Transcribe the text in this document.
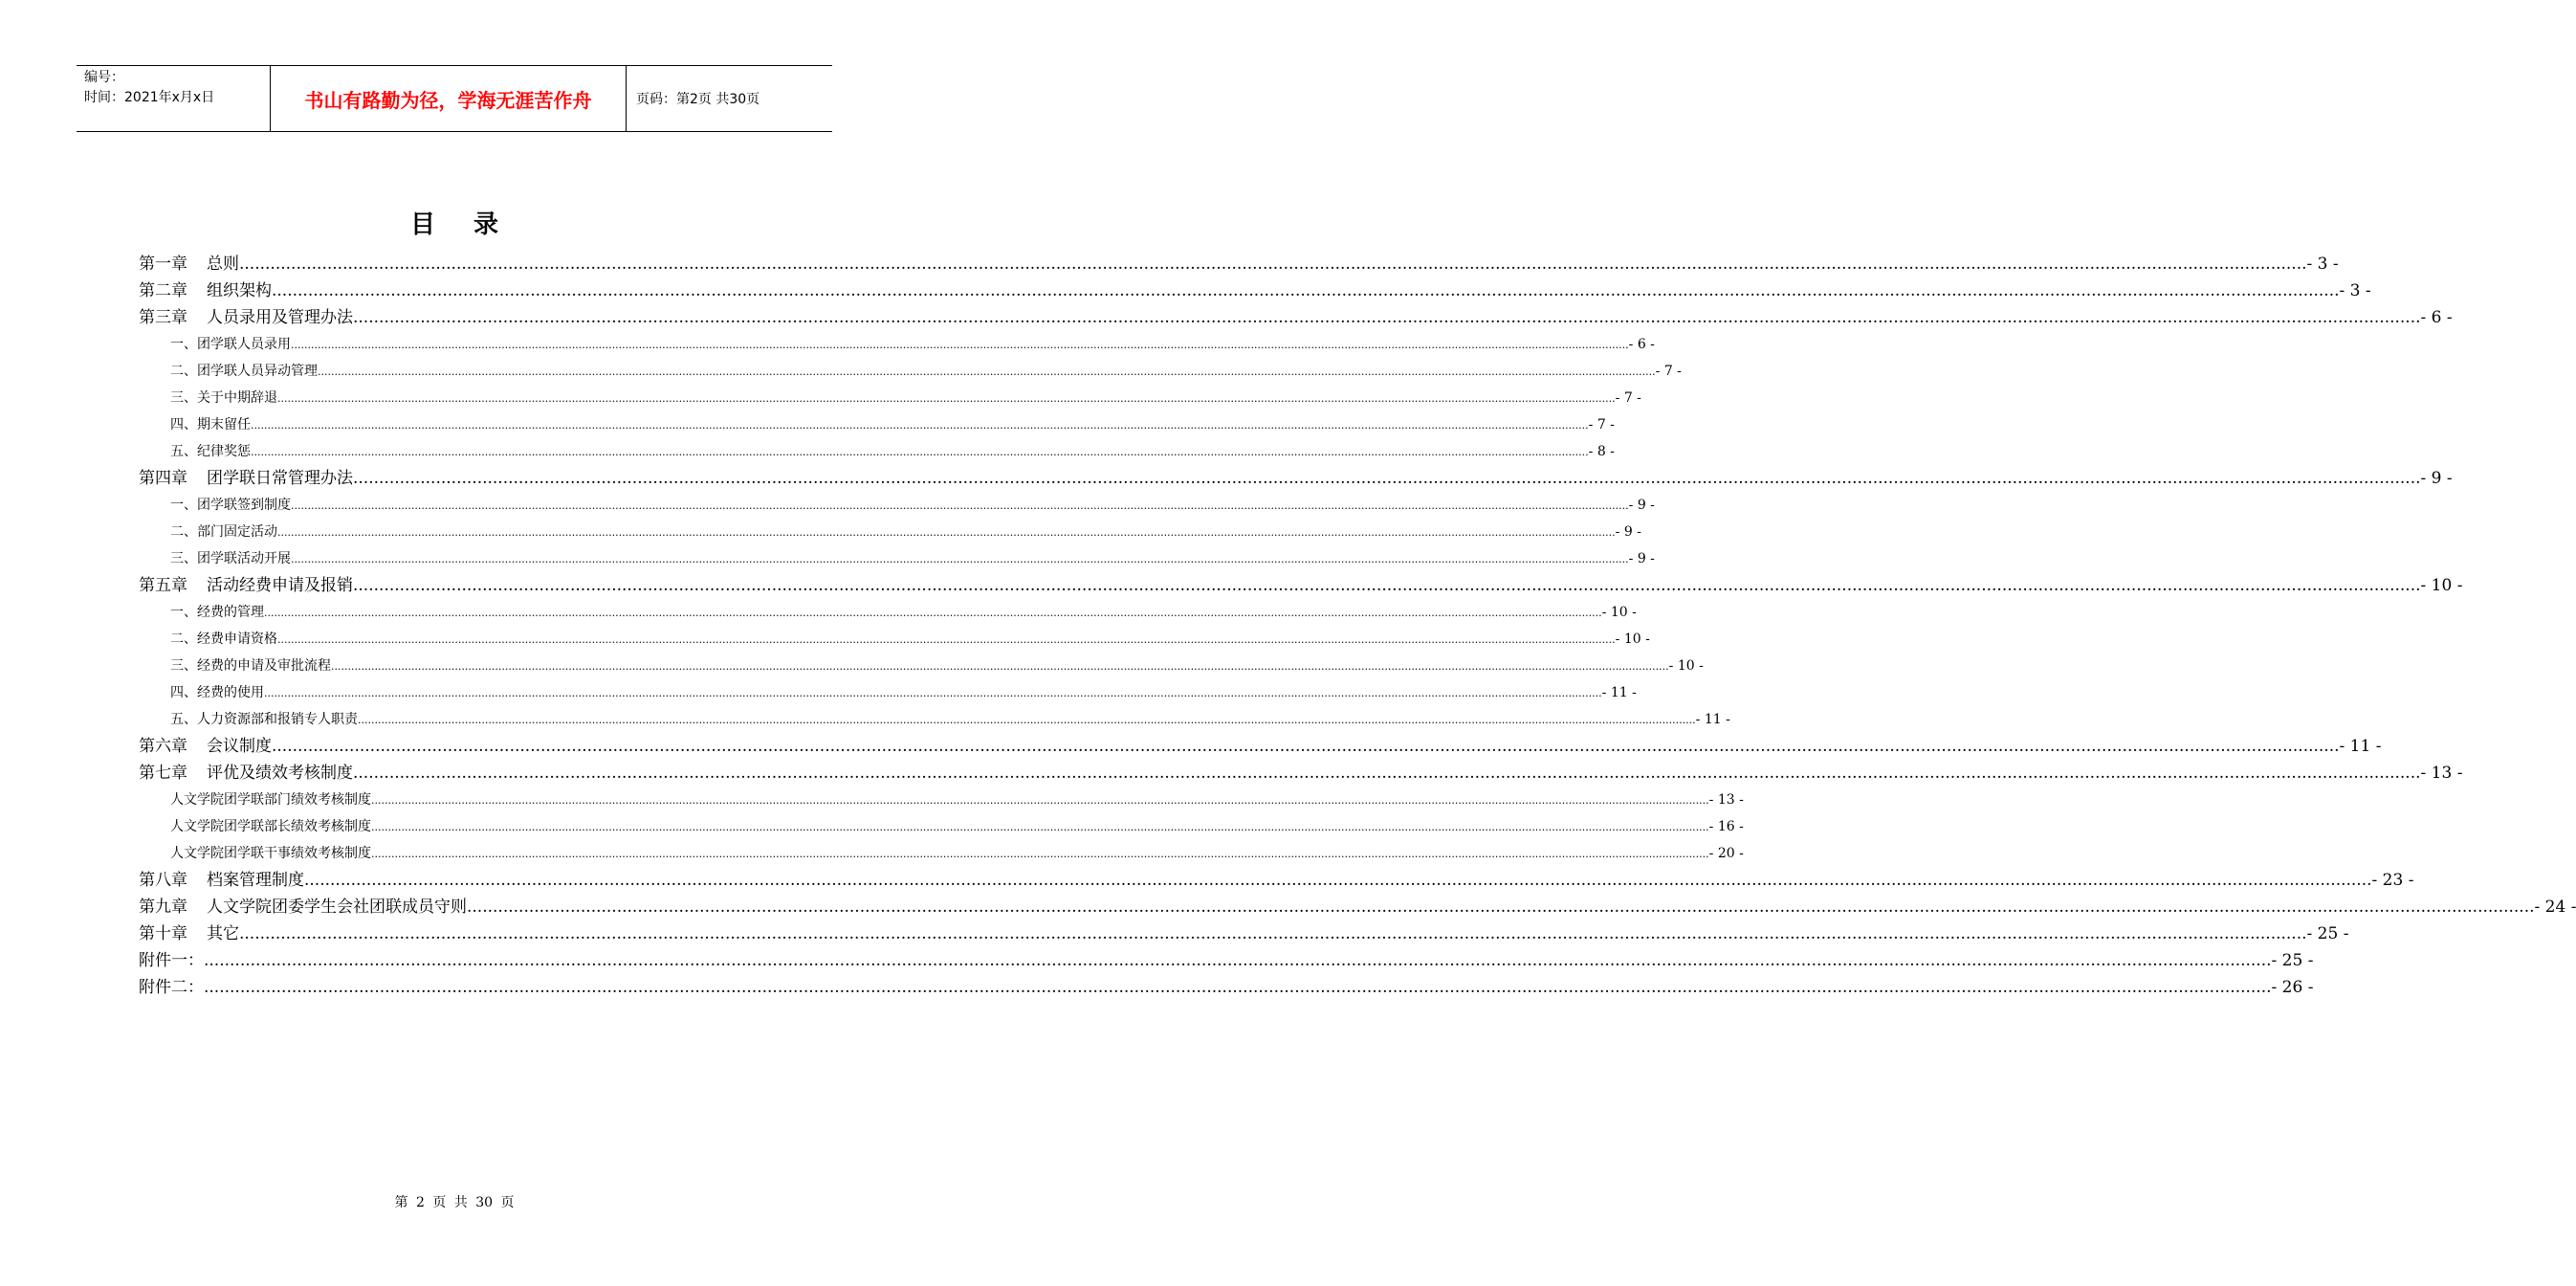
编号：
时间：2021年x月x日	书山有路勤为径，学海无涯苦作舟	页码：第2页 共30页
目录
第一章 总则 ................................................................................................................................................................................................................................................................................................................................................................................................................ - 3 -
第二章 组织架构 ................................................................................................................................................................................................................................................................................................................................................................................................................ - 3 -
第三章 人员录用及管理办法 ................................................................................................................................................................................................................................................................................................................................................................................................................ - 6 -
一、团学联人员录用 ................................................................................................................................................................................................................................................................................................................................................................................................................ - 6 -
二、团学联人员异动管理 ................................................................................................................................................................................................................................................................................................................................................................................................................ - 7 -
三、关于中期辞退 ................................................................................................................................................................................................................................................................................................................................................................................................................ - 7 -
四、期末留任 ................................................................................................................................................................................................................................................................................................................................................................................................................ - 7 -
五、纪律奖惩 ................................................................................................................................................................................................................................................................................................................................................................................................................ - 8 -
第四章 团学联日常管理办法 ................................................................................................................................................................................................................................................................................................................................................................................................................ - 9 -
一、团学联签到制度 ................................................................................................................................................................................................................................................................................................................................................................................................................ - 9 -
二、部门固定活动 ................................................................................................................................................................................................................................................................................................................................................................................................................ - 9 -
三、团学联活动开展 ................................................................................................................................................................................................................................................................................................................................................................................................................ - 9 -
第五章 活动经费申请及报销 ................................................................................................................................................................................................................................................................................................................................................................................................................ - 10 -
一、经费的管理 ................................................................................................................................................................................................................................................................................................................................................................................................................ - 10 -
二、经费申请资格 ................................................................................................................................................................................................................................................................................................................................................................................................................ - 10 -
三、经费的申请及审批流程 ................................................................................................................................................................................................................................................................................................................................................................................................................ - 10 -
四、经费的使用 ................................................................................................................................................................................................................................................................................................................................................................................................................ - 11 -
五、人力资源部和报销专人职责 ................................................................................................................................................................................................................................................................................................................................................................................................................ - 11 -
第六章 会议制度 ................................................................................................................................................................................................................................................................................................................................................................................................................ - 11 -
第七章 评优及绩效考核制度 ................................................................................................................................................................................................................................................................................................................................................................................................................ - 13 -
人文学院团学联部门绩效考核制度 ................................................................................................................................................................................................................................................................................................................................................................................................................ - 13 -
人文学院团学联部长绩效考核制度 ................................................................................................................................................................................................................................................................................................................................................................................................................ - 16 -
人文学院团学联干事绩效考核制度 ................................................................................................................................................................................................................................................................................................................................................................................................................ - 20 -
第八章 档案管理制度 ................................................................................................................................................................................................................................................................................................................................................................................................................ - 23 -
第九章 人文学院团委学生会社团联成员守则 ................................................................................................................................................................................................................................................................................................................................................................................................................ - 24 -
第十章 其它 ................................................................................................................................................................................................................................................................................................................................................................................................................ - 25 -
附件一： ................................................................................................................................................................................................................................................................................................................................................................................................................ - 25 -
附件二： ................................................................................................................................................................................................................................................................................................................................................................................................................ - 26 -
第 2 页 共 30 页
